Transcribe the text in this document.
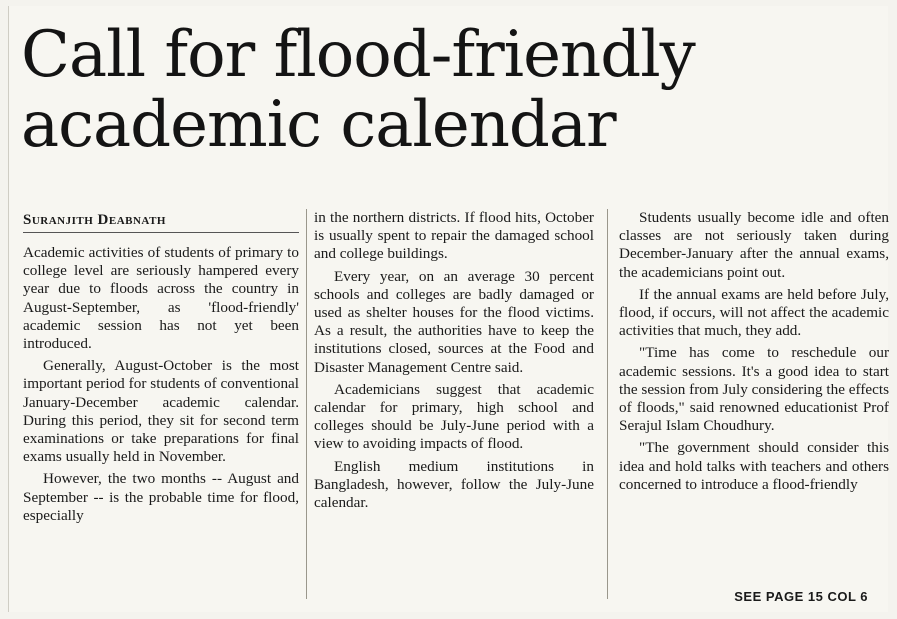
Call for flood-friendly
academic calendar
Suranjith Deabnath

Academic activities of students of primary to college level are seriously hampered every year due to floods across the country in August-September, as 'flood-friendly' academic session has not yet been introduced.

Generally, August-October is the most important period for students of conventional January-December academic calendar. During this period, they sit for second term examinations or take preparations for final exams usually held in November.

However, the two months -- August and September -- is the probable time for flood, especially

in the northern districts. If flood hits, October is usually spent to repair the damaged school and college buildings.

Every year, on an average 30 percent schools and colleges are badly damaged or used as shelter houses for the flood victims. As a result, the authorities have to keep the institutions closed, sources at the Food and Disaster Management Centre said.

Academicians suggest that academic calendar for primary, high school and colleges should be July-June period with a view to avoiding impacts of flood.

English medium institutions in Bangladesh, however, follow the July-June calendar.

Students usually become idle and often classes are not seriously taken during December-January after the annual exams, the academicians point out.

If the annual exams are held before July, flood, if occurs, will not affect the academic activities that much, they add.

"Time has come to reschedule our academic sessions. It's a good idea to start the session from July considering the effects of floods," said renowned educationist Prof Serajul Islam Choudhury.

"The government should consider this idea and hold talks with teachers and others concerned to introduce a flood-friendly

SEE PAGE 15 COL 6
